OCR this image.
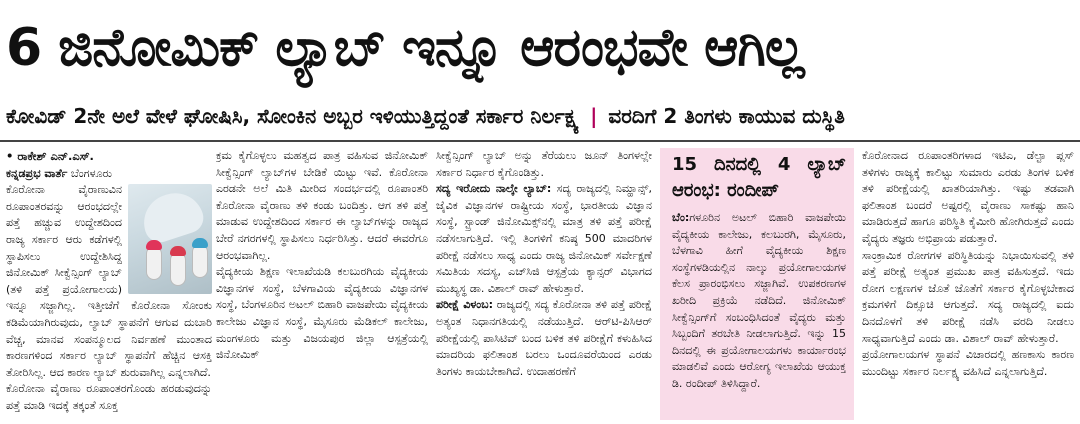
6 ಜಿನೋಮಿಕ್ ಲ್ಯಾಬ್ ಇನ್ನೂ ಆರಂಭವೇ ಆಗಿಲ್ಲ
ಕೋವಿಡ್ 2ನೇ ಅಲೆ ವೇಳೆ ಘೋಷಿಸಿ, ಸೋಂಕಿನ ಅಬ್ಬರ ಇಳಿಯುತ್ತಿದ್ದಂತೆ ಸರ್ಕಾರ ನಿರ್ಲಕ್ಷ್ಯ | ವರದಿಗೆ 2 ತಿಂಗಳು ಕಾಯುವ ದುಸ್ಥಿತಿ

• ರಾಕೇಶ್ ಎನ್.ಎಸ್.

ಕನ್ನಡಪ್ರಭ ವಾರ್ತೆ ಬೆಂಗಳೂರು

ಕೊರೋನಾ ವೈರಾಣುವಿನ ರೂಪಾಂತರವನ್ನು ಆರಂಭದಲ್ಲೇ ಪತ್ತೆ ಹಚ್ಚುವ ಉದ್ದೇಶದಿಂದ ರಾಜ್ಯ ಸರ್ಕಾರ ಆರು ಕಡೆಗಳಲ್ಲಿ ಸ್ಥಾಪಿಸಲು ಉದ್ದೇಶಿಸಿದ್ದ ಜಿನೋಮಿಕ್ ಸೀಕ್ವೆನ್ಸಿಂಗ್ ಲ್ಯಾಬ್ (ತಳಿ ಪತ್ತೆ ಪ್ರಯೋಗಾಲಯ) ಇನ್ನೂ ಸಜ್ಜಾಗಿಲ್ಲ. ಇತ್ತೀಚೆಗೆ ಕೊರೋನಾ ಸೋಂಕು ಕಡಿಮೆಯಾಗಿರುವುದು, ಲ್ಯಾಬ್ ಸ್ಥಾಪನೆಗೆ ಆಗುವ ದುಬಾರಿ ವೆಚ್ಚ, ಮಾನವ ಸಂಪನ್ಮೂಲದ ನಿರ್ವಹಣೆ ಮುಂತಾದ ಕಾರಣಗಳಿಂದ ಸರ್ಕಾರ ಲ್ಯಾಬ್ ಸ್ಥಾಪನೆಗೆ ಹೆಚ್ಚಿನ ಆಸಕ್ತಿ ತೋರಿಸಿಲ್ಲ. ಆದ ಕಾರಣ ಲ್ಯಾಬ್ ಶುರುವಾಗಿಲ್ಲ ಎನ್ನಲಾಗಿದೆ.

ಕೊರೋನಾ ವೈರಾಣು ರೂಪಾಂತರಗೊಂಡು ಹರಡುವುದನ್ನು ಪತ್ತೆ ಮಾಡಿ ಇದಕ್ಕೆ ತಕ್ಕಂತೆ ಸೂಕ್ತ

ಕ್ರಮ ಕೈಗೊಳ್ಳಲು ಮಹತ್ವದ ಪಾತ್ರ ವಹಿಸುವ ಜಿನೋಮಿಕ್ ಸೀಕ್ವೆನ್ಸಿಂಗ್ ಲ್ಯಾಬ್‌ಗಳ ಬೇಡಿಕೆ ಯಿಟ್ಟು ಇವೆ. ಕೊರೋನಾ ಎರಡನೇ ಅಲೆ ಮಿತಿ ಮೀರಿದ ಸಂದರ್ಭದಲ್ಲಿ ರೂಪಾಂತರಿ ಕೊರೋನಾ ವೈರಾಣು ತಳಿ ಕಂಡು ಬಂದಿತ್ತು. ಆಗ ತಳಿ ಪತ್ತೆ ಮಾಡುವ ಉದ್ದೇಶದಿಂದ ಸರ್ಕಾರ ಈ ಲ್ಯಾಬ್‌ಗಳನ್ನು ರಾಜ್ಯದ ಬೇರೆ ನಗರಗಳಲ್ಲಿ ಸ್ಥಾಪಿಸಲು ನಿರ್ಧರಿಸಿತ್ತು. ಆದರೆ ಈವರೆಗೂ ಆರಂಭವಾಗಿಲ್ಲ.

ವೈದ್ಯಕೀಯ ಶಿಕ್ಷಣ ಇಲಾಖೆಯಡಿ ಕಲಬುರಗಿಯ ವೈದ್ಯಕೀಯ ವಿಜ್ಞಾನಗಳ ಸಂಸ್ಥೆ, ಬೆಳಗಾವಿಯ ವೈದ್ಯಕೀಯ ವಿಜ್ಞಾನಗಳ ಸಂಸ್ಥೆ, ಬೆಂಗಳೂರಿನ ಅಟಲ್ ಬಿಹಾರಿ ವಾಜಪೇಯಿ ವೈದ್ಯಕೀಯ ಕಾಲೇಜು ವಿಜ್ಞಾನ ಸಂಸ್ಥೆ, ಮೈಸೂರು ಮೆಡಿಕಲ್ ಕಾಲೇಜು, ಮಂಗಳೂರು ಮತ್ತು ವಿಜಯಪುರ ಜಿಲ್ಲಾ ಆಸ್ಪತ್ರೆಯಲ್ಲಿ ಜಿನೋಮಿಕ್

ಸೀಕ್ವೆನ್ಸಿಂಗ್ ಲ್ಯಾಬ್ ಅನ್ನು ತೆರೆಯಲು ಜೂನ್ ತಿಂಗಳಲ್ಲೇ ಸರ್ಕಾರ ನಿರ್ಧಾರ ಕೈಗೊಂಡಿತ್ತು.

ಸದ್ಯ ಇರೋದು ನಾಲ್ಕೇ ಲ್ಯಾಬ್: ಸದ್ಯ ರಾಜ್ಯದಲ್ಲಿ ನಿಮ್ಹಾನ್ಸ್, ಜೈವಿಕ ವಿಜ್ಞಾನಗಳ ರಾಷ್ಟ್ರೀಯ ಸಂಸ್ಥೆ, ಭಾರತೀಯ ವಿಜ್ಞಾನ ಸಂಸ್ಥೆ, ಸ್ಟ್ರಾಂಡ್ ಜಿನೋಮಿಕ್ಸ್‌ನಲ್ಲಿ ಮಾತ್ರ ತಳಿ ಪತ್ತೆ ಪರೀಕ್ಷೆ ನಡೆಸಲಾಗುತ್ತಿದೆ. ಇಲ್ಲಿ ತಿಂಗಳಿಗೆ ಕನಿಷ್ಠ 500 ಮಾದರಿಗಳ ಪರೀಕ್ಷೆ ನಡೆಸಲು ಸಾಧ್ಯ ಎಂದು ರಾಜ್ಯ ಜಿನೋಮಿಕ್ ಸರ್ವೇಕ್ಷಣೆ ಸಮಿತಿಯ ಸದಸ್ಯ, ಎಚ್‌ಸಿಜಿ ಆಸ್ಪತ್ರೆಯ ಕ್ಯಾನ್ಸರ್ ವಿಭಾಗದ ಮುಖ್ಯಸ್ಥ ಡಾ. ವಿಶಾಲ್ ರಾವ್ ಹೇಳುತ್ತಾರೆ.

ಪರೀಕ್ಷೆ ವಿಳಂಬ: ರಾಜ್ಯದಲ್ಲಿ ಸದ್ಯ ಕೊರೋನಾ ತಳಿ ಪತ್ತೆ ಪರೀಕ್ಷೆ ಅತ್ಯಂತ ನಿಧಾನಗತಿಯಲ್ಲಿ ನಡೆಯುತ್ತಿದೆ. ಆರ್‌ಟಿ-ಪಿಸಿಆರ್ ಪರೀಕ್ಷೆಯಲ್ಲಿ ಪಾಸಿಟಿವ್ ಬಂದ ಬಳಿಕ ತಳಿ ಪರೀಕ್ಷೆಗೆ ಕಳುಹಿಸಿದ ಮಾದರಿಯ ಫಲಿತಾಂಶ ಬರಲು ಒಂದೂವರೆಯಿಂದ ಎರಡು ತಿಂಗಳು ಕಾಯಬೇಕಾಗಿದೆ. ಉದಾಹರಣೆಗೆ

15 ದಿನದಲ್ಲಿ 4 ಲ್ಯಾಬ್ ಆರಂಭ: ರಂದೀಪ್
ಬೆಂ:ಗಳೂರಿನ ಅಟಲ್ ಬಿಹಾರಿ ವಾಜಪೇಯಿ ವೈದ್ಯಕೀಯ ಕಾಲೇಜು, ಕಲಬುರಗಿ, ಮೈಸೂರು, ಬೆಳಗಾವಿ ಹೀಗೆ ವೈದ್ಯಕೀಯ ಶಿಕ್ಷಣ ಸಂಸ್ಥೆಗಳಡಿಯಲ್ಲಿನ ನಾಲ್ಕು ಪ್ರಯೋಗಾಲಯಗಳ ಕೆಲಸ ಪ್ರಾರಂಭಿಸಲು ಸಜ್ಜಾಗಿವೆ. ಉಪಕರಣಗಳ ಖರೀದಿ ಪ್ರಕ್ರಿಯೆ ನಡೆದಿದೆ. ಜಿನೋಮಿಕ್ ಸೀಕ್ವೆನ್ಸಿಂಗ್‌ಗೆ ಸಂಬಂಧಿಸಿದಂತೆ ವೈದ್ಯರು ಮತ್ತು ಸಿಬ್ಬಂದಿಗೆ ತರಬೇತಿ ನೀಡಲಾಗುತ್ತಿದೆ. ಇನ್ನು 15 ದಿನದಲ್ಲಿ ಈ ಪ್ರಯೋಗಾಲಯಗಳು ಕಾರ್ಯಾರಂಭ ಮಾಡಲಿವೆ ಎಂದು ಆರೋಗ್ಯ ಇಲಾಖೆಯ ಆಯುಕ್ತ ಡಿ. ರಂದೀಪ್ ತಿಳಿಸಿದ್ದಾರೆ.

ಕೊರೋನಾದ ರೂಪಾಂತರಿಗಳಾದ ಇಟಿಎ, ಡೆಲ್ಟಾ ಪ್ಲಸ್ ತಳಿಗಳು ರಾಜ್ಯಕ್ಕೆ ಕಾಲಿಟ್ಟು ಸುಮಾರು ಎರಡು ತಿಂಗಳ ಬಳಿಕ ತಳಿ ಪರೀಕ್ಷೆಯಲ್ಲಿ ಖಾತರಿಯಾಗಿತ್ತು. ಇಷ್ಟು ತಡವಾಗಿ ಫಲಿತಾಂಶ ಬಂದರೆ ಅಷ್ಟರಲ್ಲಿ ವೈರಾಣು ಸಾಕಷ್ಟು ಹಾನಿ ಮಾಡಿರುತ್ತದೆ ಹಾಗೂ ಪರಿಸ್ಥಿತಿ ಕೈಮೀರಿ ಹೋಗಿರುತ್ತದೆ ಎಂದು ವೈದ್ಯರು ತಜ್ಞರು ಅಭಿಪ್ರಾಯ ಪಡುತ್ತಾರೆ.

ಸಾಂಕ್ರಾಮಿಕ ರೋಗಗಳ ಪರಿಸ್ಥಿತಿಯನ್ನು ನಿಭಾಯಿಸುವಲ್ಲಿ ತಳಿ ಪತ್ತೆ ಪರೀಕ್ಷೆ ಅತ್ಯಂತ ಪ್ರಮುಖ ಪಾತ್ರ ವಹಿಸುತ್ತದೆ. ಇದು ರೋಗ ಲಕ್ಷಣಗಳ ಜೊತೆ ಜೊತೆಗೆ ಸರ್ಕಾರ ಕೈಗೊಳ್ಳಬೇಕಾದ ಕ್ರಮಗಳಿಗೆ ದಿಕ್ಸೂಚಿ ಆಗುತ್ತದೆ. ಸದ್ಯ ರಾಜ್ಯದಲ್ಲಿ ಐದು ದಿನದೊಳಗೆ ತಳಿ ಪರೀಕ್ಷೆ ನಡೆಸಿ ವರದಿ ನೀಡಲು ಸಾಧ್ಯವಾಗುತ್ತಿದೆ ಎಂದು ಡಾ. ವಿಶಾಲ್ ರಾವ್ ಹೇಳುತ್ತಾರೆ.

ಪ್ರಯೋಗಾಲಯಗಳ ಸ್ಥಾಪನೆ ವಿಚಾರದಲ್ಲಿ ಹಣಕಾಸು ಕಾರಣ ಮುಂದಿಟ್ಟು ಸರ್ಕಾರ ನಿರ್ಲಕ್ಷ್ಯ ವಹಿಸಿದೆ ಎನ್ನಲಾಗುತ್ತಿದೆ.
